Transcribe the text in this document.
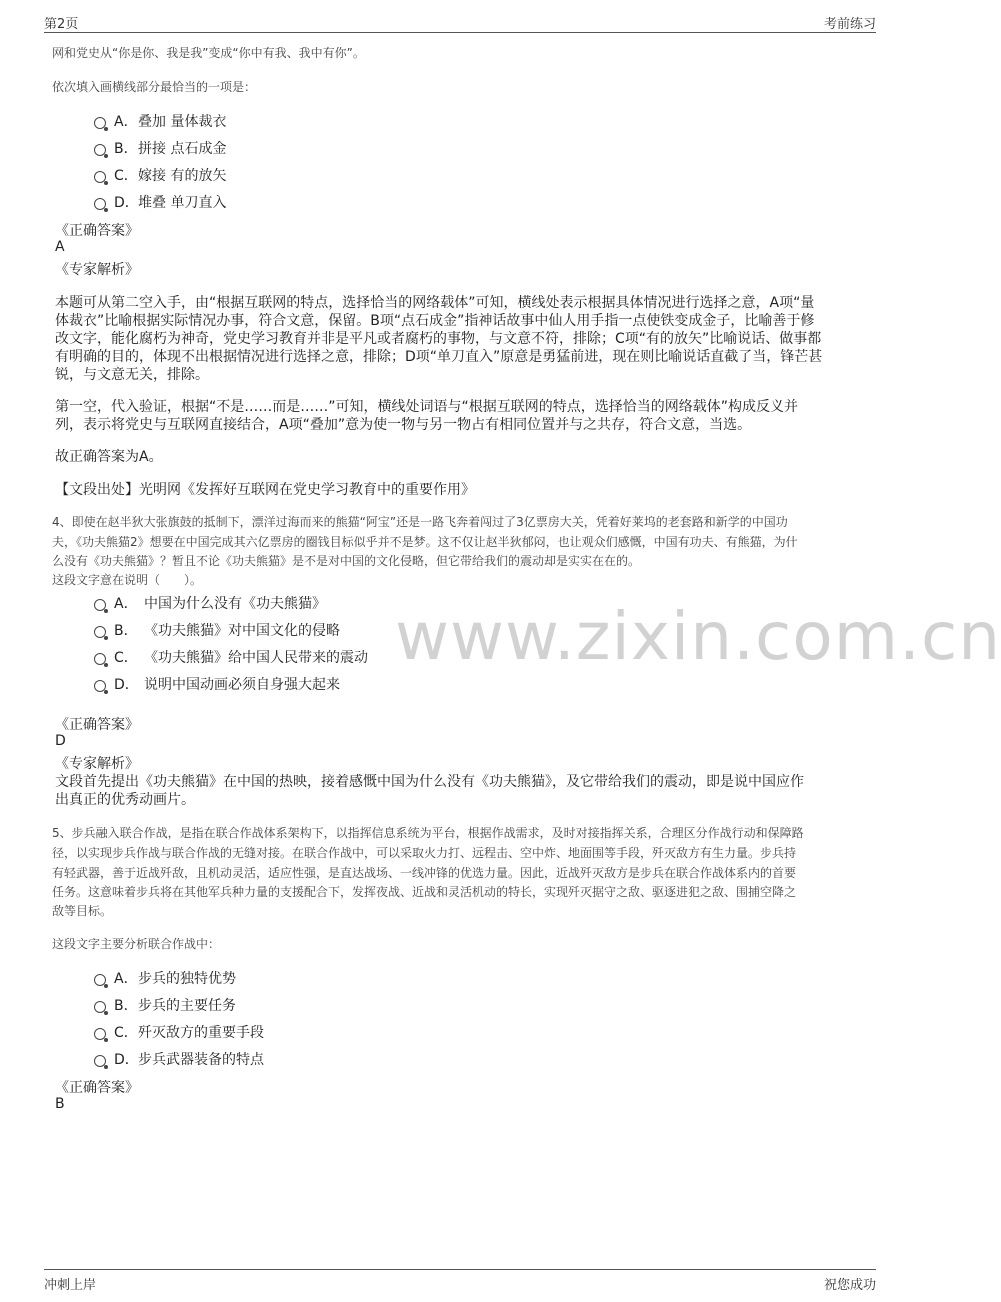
第2页	考前练习
www.zixin.com.cn
网和党史从“你是你、我是我”变成“你中有我、我中有你”。
依次填入画横线部分最恰当的一项是：
A． 叠加 量体裁衣
B． 拼接 点石成金
C． 嫁接 有的放矢
D． 堆叠 单刀直入
《正确答案》
A
《专家解析》
本题可从第二空入手，由“根据互联网的特点，选择恰当的网络载体”可知，横线处表示根据具体情况进行选择之意，A项“量
体裁衣”比喻根据实际情况办事，符合文意，保留。B项“点石成金”指神话故事中仙人用手指一点使铁变成金子，比喻善于修
改文字，能化腐朽为神奇，党史学习教育并非是平凡或者腐朽的事物，与文意不符，排除；C项“有的放矢”比喻说话、做事都
有明确的目的，体现不出根据情况进行选择之意，排除；D项“单刀直入”原意是勇猛前进，现在则比喻说话直截了当，锋芒甚
锐，与文意无关，排除。
第一空，代入验证，根据“不是……而是……”可知，横线处词语与“根据互联网的特点，选择恰当的网络载体”构成反义并
列，表示将党史与互联网直接结合，A项“叠加”意为使一物与另一物占有相同位置并与之共存，符合文意，当选。
故正确答案为A。
【文段出处】光明网《发挥好互联网在党史学习教育中的重要作用》
4、即使在赵半狄大张旗鼓的抵制下，漂洋过海而来的熊猫“阿宝”还是一路飞奔着闯过了3亿票房大关，凭着好莱坞的老套路和新学的中国功
夫，《功夫熊猫2》想要在中国完成其六亿票房的圈钱目标似乎并不是梦。这不仅让赵半狄郁闷，也让观众们感慨，中国有功夫、有熊猫，为什
么没有《功夫熊猫》？暂且不论《功夫熊猫》是不是对中国的文化侵略，但它带给我们的震动却是实实在在的。
这段文字意在说明（　　）。
A． 中国为什么没有《功夫熊猫》
B． 《功夫熊猫》对中国文化的侵略
C． 《功夫熊猫》给中国人民带来的震动
D． 说明中国动画必须自身强大起来
《正确答案》
D
《专家解析》
文段首先提出《功夫熊猫》在中国的热映，接着感慨中国为什么没有《功夫熊猫》，及它带给我们的震动，即是说中国应作
出真正的优秀动画片。
5、步兵融入联合作战，是指在联合作战体系架构下，以指挥信息系统为平台，根据作战需求，及时对接指挥关系，合理区分作战行动和保障路
径，以实现步兵作战与联合作战的无缝对接。在联合作战中，可以采取火力打、远程击、空中炸、地面围等手段，歼灭敌方有生力量。步兵持
有轻武器，善于近战歼敌，且机动灵活，适应性强，是直达战场、一线冲锋的优选力量。因此，近战歼灭敌方是步兵在联合作战体系内的首要
任务。这意味着步兵将在其他军兵种力量的支援配合下，发挥夜战、近战和灵活机动的特长，实现歼灭据守之敌、驱逐进犯之敌、围捕空降之
敌等目标。
这段文字主要分析联合作战中：
A． 步兵的独特优势
B． 步兵的主要任务
C． 歼灭敌方的重要手段
D． 步兵武器装备的特点
《正确答案》
B
冲刺上岸	祝您成功
